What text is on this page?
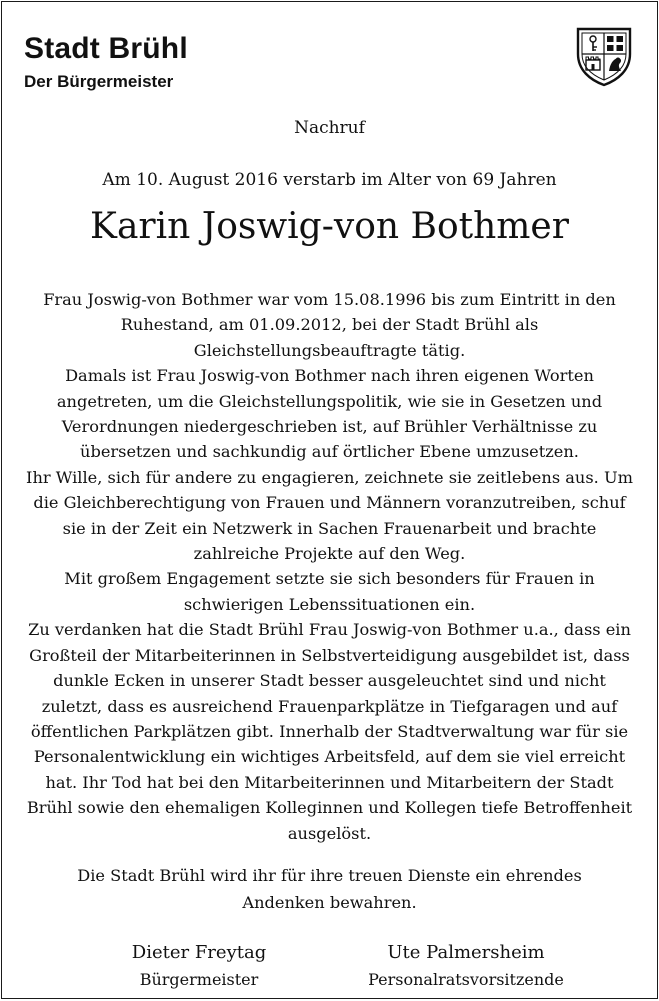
Stadt Brühl
Der Bürgermeister
Nachruf
Am 10. August 2016 verstarb im Alter von 69 Jahren
Karin Joswig-von Bothmer

Frau Joswig-von Bothmer war vom 15.08.1996 bis zum Eintritt in den Ruhestand, am 01.09.2012, bei der Stadt Brühl als Gleichstellungsbeauftragte tätig.

Damals ist Frau Joswig-von Bothmer nach ihren eigenen Worten angetreten, um die Gleichstellungspolitik, wie sie in Gesetzen und Verordnungen niedergeschrieben ist, auf Brühler Verhältnisse zu übersetzen und sachkundig auf örtlicher Ebene umzusetzen.

Ihr Wille, sich für andere zu engagieren, zeichnete sie zeitlebens aus. Um die Gleichberechtigung von Frauen und Männern voranzutreiben, schuf sie in der Zeit ein Netzwerk in Sachen Frauenarbeit und brachte zahlreiche Projekte auf den Weg.

Mit großem Engagement setzte sie sich besonders für Frauen in schwierigen Lebenssituationen ein.

Zu verdanken hat die Stadt Brühl Frau Joswig-von Bothmer u.a., dass ein Großteil der Mitarbeiterinnen in Selbstverteidigung ausgebildet ist, dass dunkle Ecken in unserer Stadt besser ausgeleuchtet sind und nicht zuletzt, dass es ausreichend Frauenparkplätze in Tiefgaragen und auf öffentlichen Parkplätzen gibt. Innerhalb der Stadtverwaltung war für sie Personalentwicklung ein wichtiges Arbeitsfeld, auf dem sie viel erreicht hat. Ihr Tod hat bei den Mitarbeiterinnen und Mitarbeitern der Stadt Brühl sowie den ehemaligen Kolleginnen und Kollegen tiefe Betroffenheit ausgelöst.

Die Stadt Brühl wird ihr für ihre treuen Dienste ein ehrendes

Andenken bewahren.

Dieter Freytag
Bürgermeister
Ute Palmersheim
Personalratsvorsitzende
